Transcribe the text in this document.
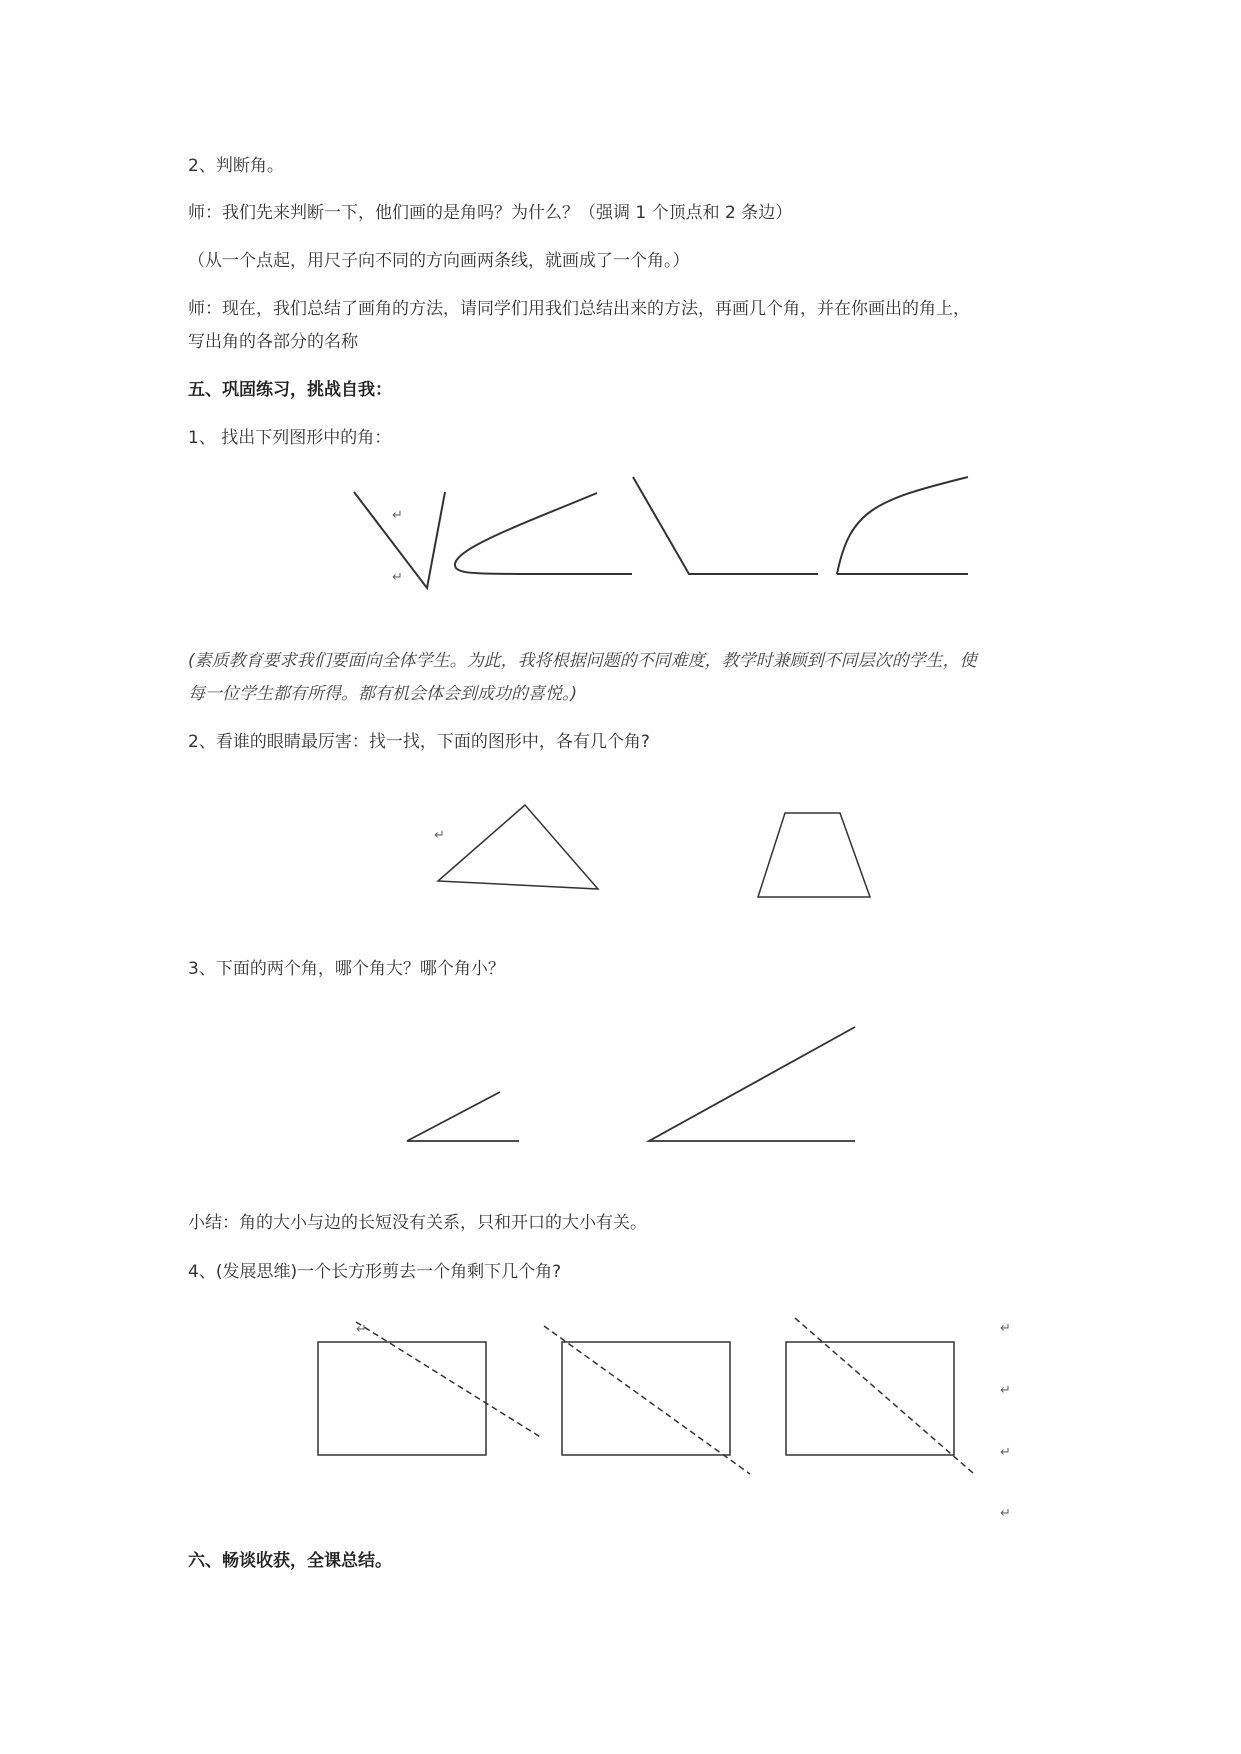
2、判断角。
师：我们先来判断一下，他们画的是角吗？为什么？（强调 1 个顶点和 2 条边）
（从一个点起，用尺子向不同的方向画两条线，就画成了一个角。）
师：现在，我们总结了画角的方法，请同学们用我们总结出来的方法，再画几个角，并在你画出的角上，
写出角的各部分的名称
五、巩固练习，挑战自我：
1、 找出下列图形中的角：
(素质教育要求我们要面向全体学生。为此，我将根据问题的不同难度，教学时兼顾到不同层次的学生，使
每一位学生都有所得。都有机会体会到成功的喜悦。)
2、看谁的眼睛最厉害：找一找，下面的图形中，各有几个角?
3、下面的两个角，哪个角大？哪个角小？
小结：角的大小与边的长短没有关系，只和开口的大小有关。
4、(发展思维)一个长方形剪去一个角剩下几个角?
六、畅谈收获，全课总结。
↵
↵
↵
↵	↵
↵
↵
↵
